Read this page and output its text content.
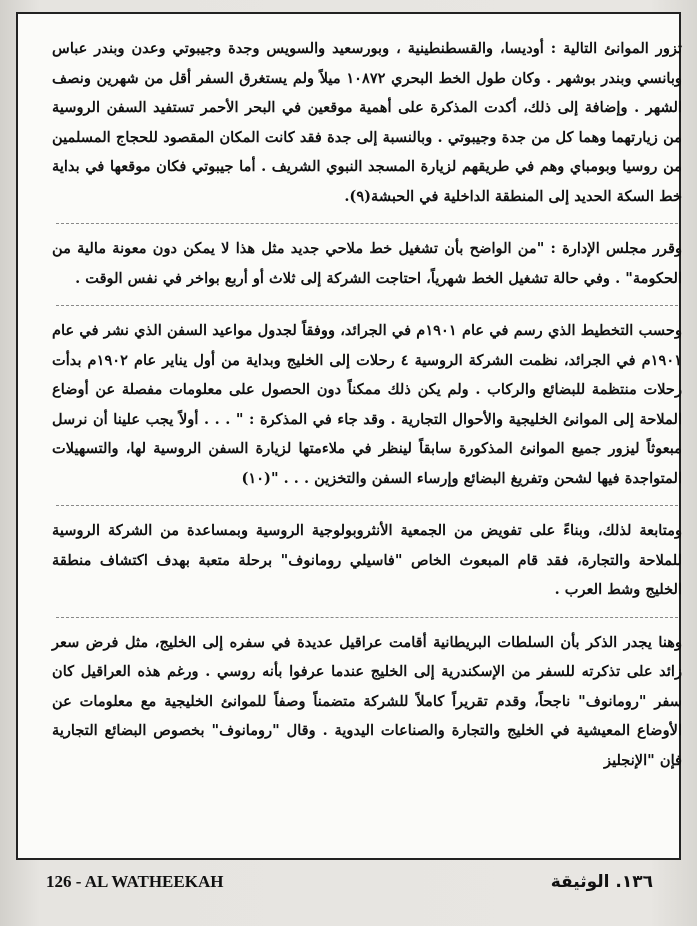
تزور الموانئ التالية : أوديسا، والقسطنطينية ، وبورسعيد والسويس وجدة وجيبوتي وعدن وبندر عباس وبانسي وبندر بوشهر . وكان طول الخط البحري ١٠٨٧٢ ميلاً ولم يستغرق السفر أقل من شهرين ونصف الشهر . وإضافة إلى ذلك، أكدت المذكرة على أهمية موقعين في البحر الأحمر تستفيد السفن الروسية من زيارتهما وهما كل من جدة وجيبوتي . وبالنسبة إلى جدة فقد كانت المكان المقصود للحجاج المسلمين من روسيا وبومباي وهم في طريقهم لزيارة المسجد النبوي الشريف . أما جيبوتي فكان موقعها في بداية خط السكة الحديد إلى المنطقة الداخلية في الحبشة(٩).

وقرر مجلس الإدارة : "من الواضح بأن تشغيل خط ملاحي جديد مثل هذا لا يمكن دون معونة مالية من الحكومة" . وفي حالة تشغيل الخط شهرياً، احتاجت الشركة إلى ثلاث أو أربع بواخر في نفس الوقت .

وحسب التخطيط الذي رسم في عام ١٩٠١م في الجرائد، ووفقاً لجدول مواعيد السفن الذي نشر في عام ١٩٠١م في الجرائد، نظمت الشركة الروسية ٤ رحلات إلى الخليج وبداية من أول يناير عام ١٩٠٢م بدأت رحلات منتظمة للبضائع والركاب . ولم يكن ذلك ممكناً دون الحصول على معلومات مفصلة عن أوضاع الملاحة إلى الموانئ الخليجية والأحوال التجارية . وقد جاء في المذكرة : " . . . أولاً يجب علينا أن نرسل مبعوثاً ليزور جميع الموانئ المذكورة سابقاً لينظر في ملاءمتها لزيارة السفن الروسية لها، والتسهيلات المتواجدة فيها لشحن وتفريغ البضائع وإرساء السفن والتخزين . . . "(١٠)

ومتابعة لذلك، وبناءً على تفويض من الجمعية الأنثروبولوجية الروسية وبمساعدة من الشركة الروسية للملاحة والتجارة، فقد قام المبعوث الخاص "فاسيلي رومانوف" برحلة متعبة بهدف اكتشاف منطقة الخليج وشط العرب .

وهنا يجدر الذكر بأن السلطات البريطانية أقامت عراقيل عديدة في سفره إلى الخليج، مثل فرض سعر زائد على تذكرته للسفر من الإسكندرية إلى الخليج عندما عرفوا بأنه روسي . ورغم هذه العراقيل كان سفر "رومانوف" ناجحاً، وقدم تقريراً كاملاً للشركة متضمناً وصفاً للموانئ الخليجية مع معلومات عن الأوضاع المعيشية في الخليج والتجارة والصناعات اليدوية . وقال "رومانوف" بخصوص البضائع التجارية فإن "الإنجليز

126 - AL WATHEEKAH	١٣٦. الوثيقة
